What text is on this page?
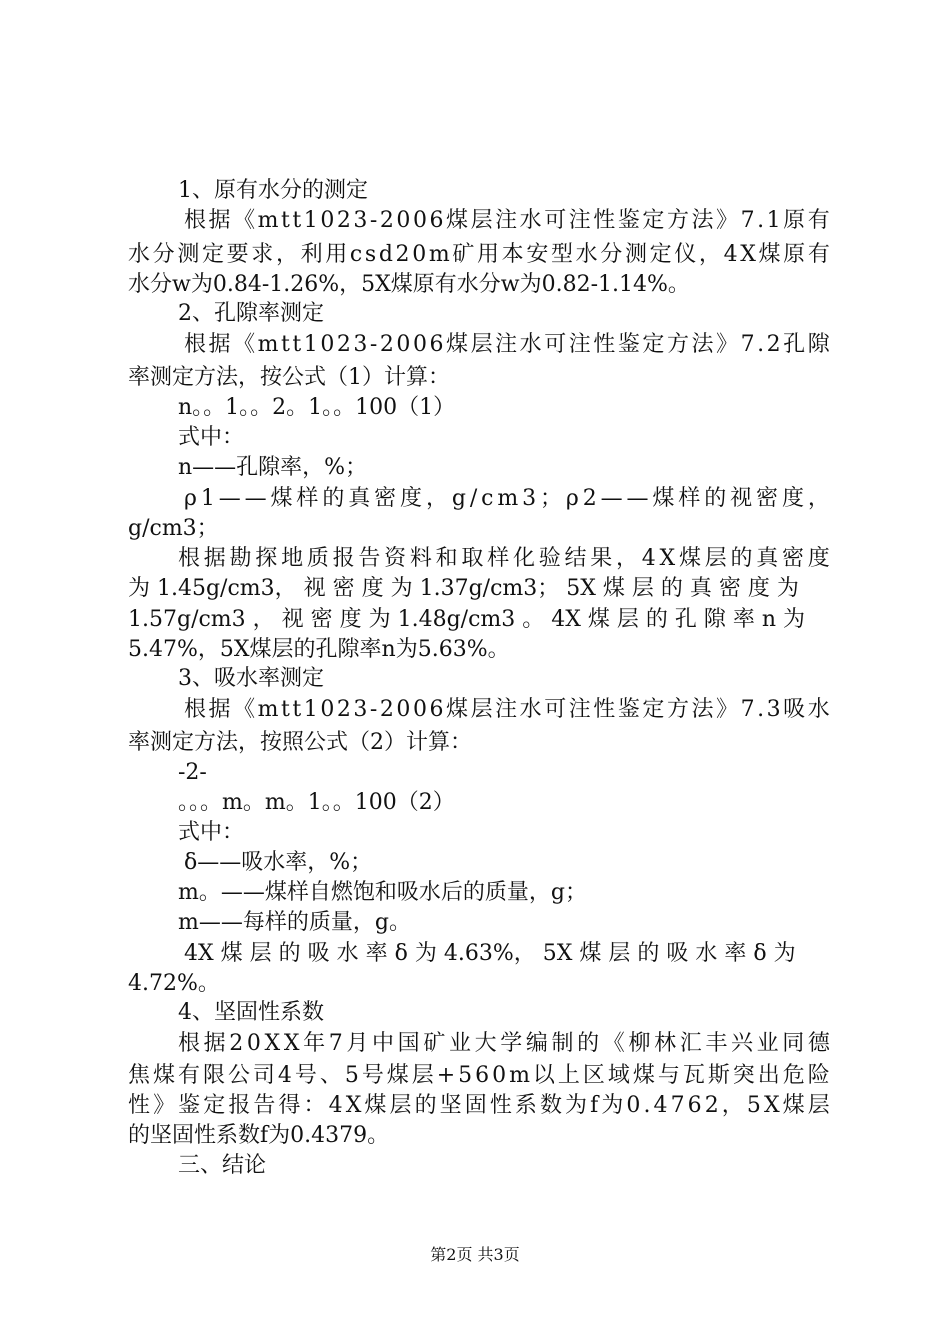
1、原有水分的测定
根 据 《 m t t 1 0 2 3 - 2 0 0 6 煤 层 注 水 可 注 性 鉴 定 方 法 》 7 . 1 原 有
水 分 测 定 要 求 ， 利 用 c s d 2 0 m 矿 用 本 安 型 水 分 测 定 仪 ， 4 X 煤 原 有
水分w为0.84-1.26%，5X煤原有水分w为0.82-1.14%。
2、孔隙率测定
根 据 《 m t t 1 0 2 3 - 2 0 0 6 煤 层 注 水 可 注 性 鉴 定 方 法 》 7 . 2 孔 隙
率测定方法，按公式（1）计算：
n。。1。。2。1。。100（1）
式中：
n——孔隙率，%；
ρ 1 — — 煤 样 的 真 密 度 ， g / c m 3 ； ρ 2 — — 煤 样 的 视 密 度 ，
g/cm3；
根 据 勘 探 地 质 报 告 资 料 和 取 样 化 验 结 果 ， 4 X 煤 层 的 真 密 度
为 1.45g/cm3， 视 密 度 为 1.37g/cm3； 5X 煤 层 的 真 密 度 为
1.57g/cm3 ， 视 密 度 为 1.48g/cm3 。 4X 煤 层 的 孔 隙 率 n 为
5.47%，5X煤层的孔隙率n为5.63%。
3、吸水率测定
根 据 《 m t t 1 0 2 3 - 2 0 0 6 煤 层 注 水 可 注 性 鉴 定 方 法 》 7 . 3 吸 水
率测定方法，按照公式（2）计算：
-2-
。。。m。m。1。。100（2）
式中：
δ——吸水率，%；
m。——煤样自燃饱和吸水后的质量，g；
m——每样的质量，g。
4X 煤 层 的 吸 水 率 δ 为 4.63%， 5X 煤 层 的 吸 水 率 δ 为
4.72%。
4、坚固性系数
根 据 2 0 X X 年 7 月 中 国 矿 业 大 学 编 制 的 《 柳 林 汇 丰 兴 业 同 德
焦 煤 有 限 公 司 4 号 、 5 号 煤 层 + 5 6 0 m 以 上 区 域 煤 与 瓦 斯 突 出 危 险
性 》 鉴 定 报 告 得 ： 4 X 煤 层 的 坚 固 性 系 数 为 f 为 0 . 4 7 6 2 ， 5 X 煤 层
的坚固性系数f为0.4379。
三、结论
第2页 共3页
